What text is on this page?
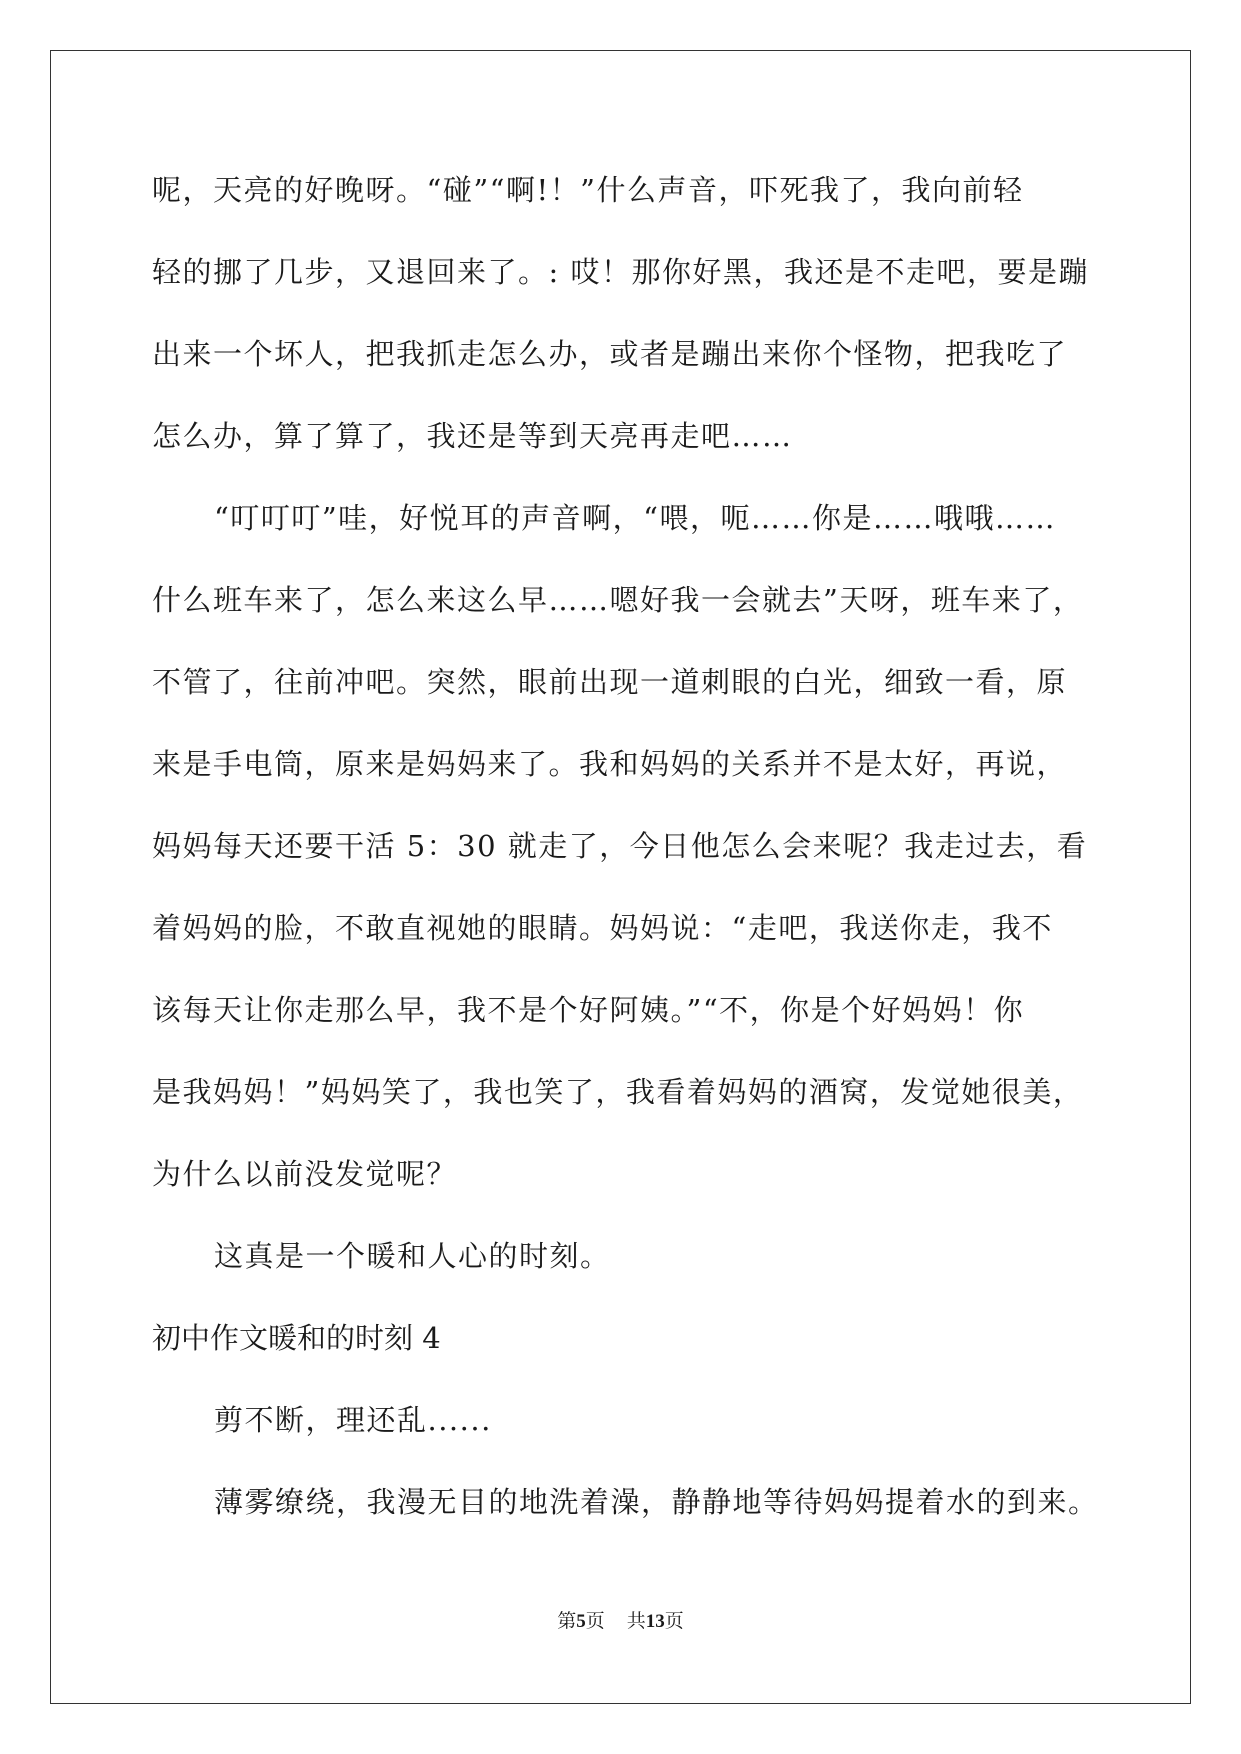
呢，天亮的好晚呀。“碰”“啊!！”什么声音，吓死我了，我向前轻
轻的挪了几步，又退回来了。: 哎！那你好黑，我还是不走吧，要是蹦
出来一个坏人，把我抓走怎么办，或者是蹦出来你个怪物，把我吃了
怎么办，算了算了，我还是等到天亮再走吧……
“叮叮叮”哇，好悦耳的声音啊，“喂，呃……你是……哦哦……
什么班车来了，怎么来这么早……嗯好我一会就去”天呀，班车来了，
不管了，往前冲吧。突然，眼前出现一道刺眼的白光，细致一看，原
来是手电筒，原来是妈妈来了。我和妈妈的关系并不是太好，再说，
妈妈每天还要干活 5：30 就走了，今日他怎么会来呢？我走过去，看
着妈妈的脸，不敢直视她的眼睛。妈妈说：“走吧，我送你走，我不
该每天让你走那么早，我不是个好阿姨。”“不，你是个好妈妈！你
是我妈妈！”妈妈笑了，我也笑了，我看着妈妈的酒窝，发觉她很美，
为什么以前没发觉呢？
这真是一个暖和人心的时刻。
初中作文暖和的时刻 4
剪不断，理还乱......
薄雾缭绕，我漫无目的地洗着澡，静静地等待妈妈提着水的到来。
第5页 共13页
